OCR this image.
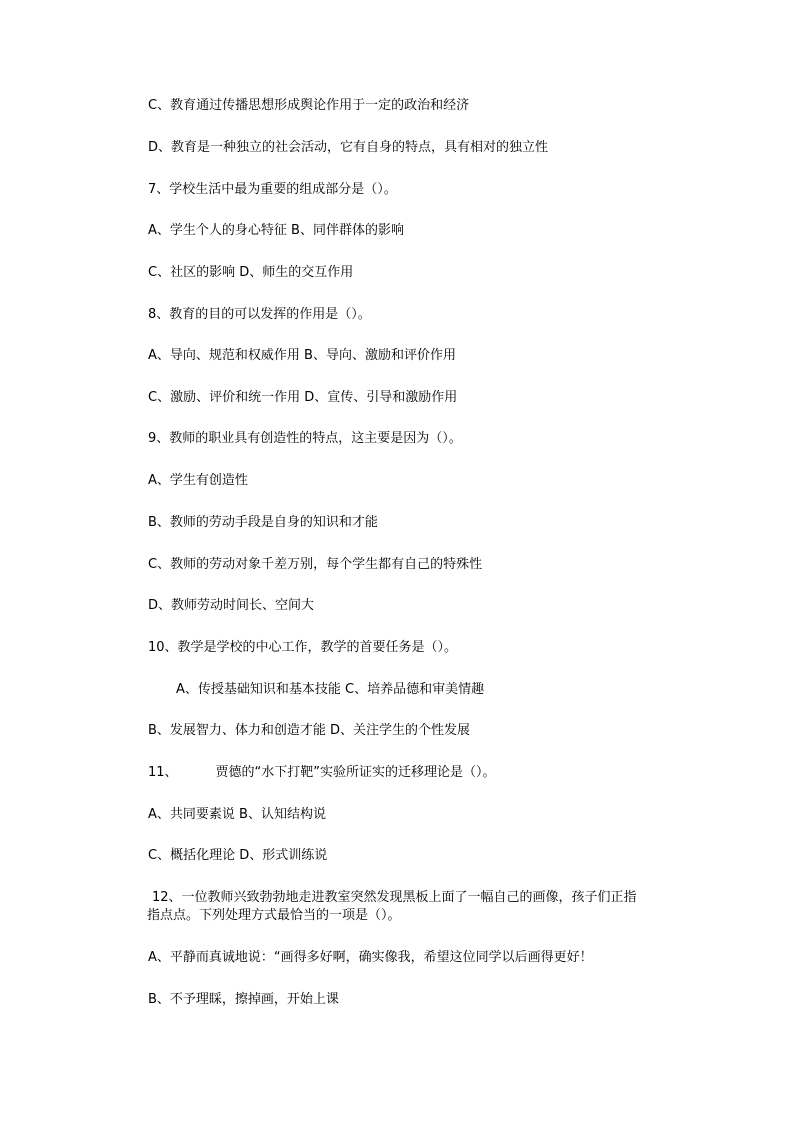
C、教育通过传播思想形成舆论作用于一定的政治和经济
D、教育是一种独立的社会活动，它有自身的特点，具有相对的独立性
7、学校生活中最为重要的组成部分是（）。
A、学生个人的身心特征 B、同伴群体的影响
C、社区的影响 D、师生的交互作用
8、教育的目的可以发挥的作用是（）。
A、导向、规范和权威作用 B、导向、激励和评价作用
C、激励、评价和统一作用 D、宣传、引导和激励作用
9、教师的职业具有创造性的特点，这主要是因为（）。
A、学生有创造性
B、教师的劳动手段是自身的知识和才能
C、教师的劳动对象千差万别，每个学生都有自己的特殊性
D、教师劳动时间长、空间大
10、教学是学校的中心工作，教学的首要任务是（）。
A、传授基础知识和基本技能 C、培养品德和审美情趣
B、发展智力、体力和创造才能 D、关注学生的个性发展
11、	贾德的“水下打靶”实验所证实的迁移理论是（）。
A、共同要素说 B、认知结构说
C、概括化理论 D、形式训练说
12、一位教师兴致勃勃地走进教室突然发现黑板上面了一幅自己的画像，孩子们正指
指点点。下列处理方式最恰当的一项是（）。
A、平静而真诚地说：“画得多好啊，确实像我，希望这位同学以后画得更好！
B、不予理睬，擦掉画，开始上课
